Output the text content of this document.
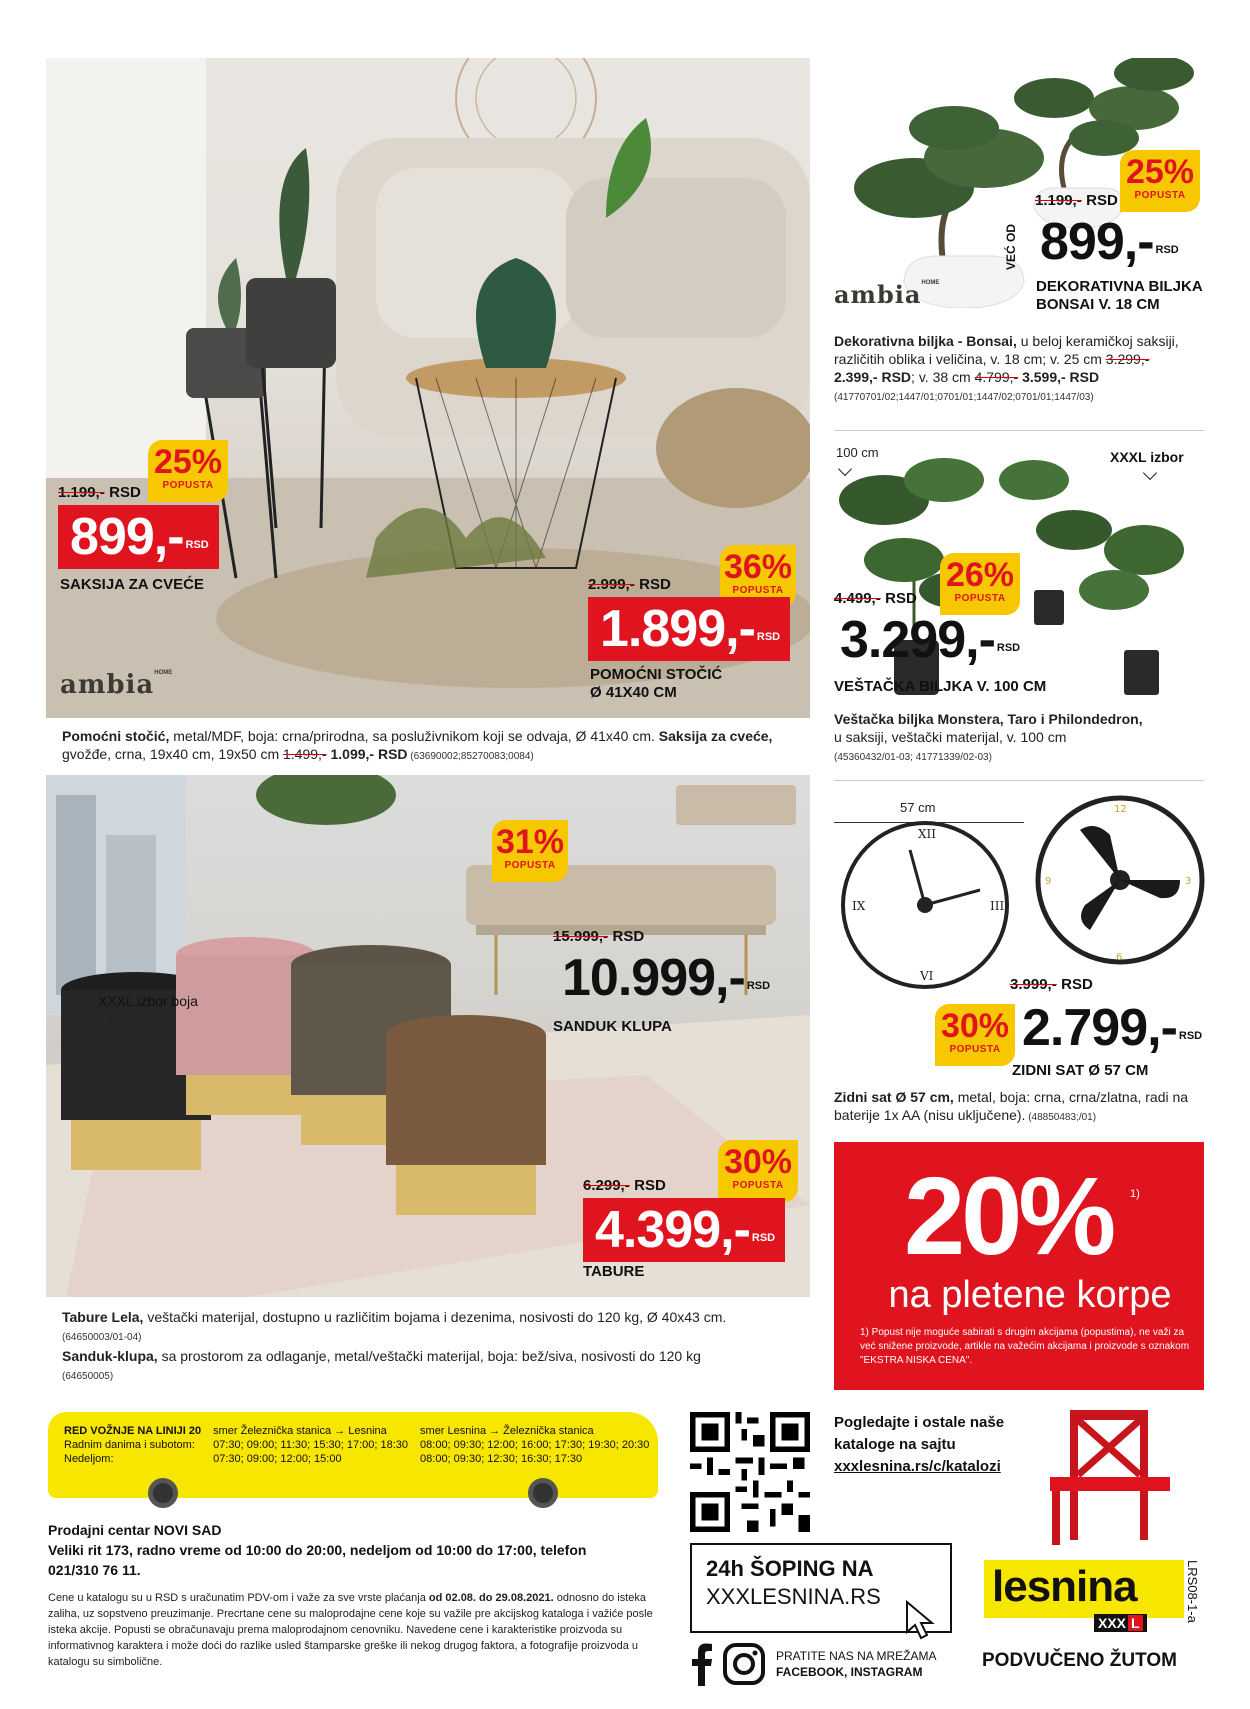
25%
POPUSTA
1.199,- RSD
899,- RSD
SAKSIJA ZA CVEĆE
ambia$^{HOME}$
36%
POPUSTA
2.999,- RSD
1.899,- RSD
POMOĆNI STOČIĆ
Ø 41X40 CM
Pomoćni stočić, metal/MDF, boja: crna/prirodna, sa posluživnikom koji se odvaja, Ø 41x40 cm. Saksija za cveće, gvožđe, crna, 19x40 cm, 19x50 cm 1.499,- 1.099,- RSD (63690002;85270083;0084)
ambia$^{HOME}$
25%
POPUSTA
1.199,- RSD
VEĆ OD 899,- RSD
DEKORATIVNA BILJKA
BONSAI V. 18 CM
Dekorativna biljka - Bonsai, u beloj keramičkoj saksiji, različitih oblika i veličina, v. 18 cm; v. 25 cm 3.299,-
2.399,- RSD; v. 38 cm 4.799,- 3.599,- RSD
(41770701/02;1447/01;0701/01;1447/02;0701/01;1447/03)
100 cm	XXXL izbor
26%
POPUSTA
4.499,- RSD
3.299,- RSD
VEŠTAČKA BILJKA V. 100 CM
Veštačka biljka Monstera, Taro i Philondedron,
u saksiji, veštački materijal, v. 100 cm
(45360432/01-03; 41771339/02-03)
XXXL izbor boja
31%
POPUSTA
15.999,- RSD
10.999,- RSD
SANDUK KLUPA
30%
POPUSTA
6.299,- RSD
4.399,- RSD
TABURE
Tabure Lela, veštački materijal, dostupno u različitim bojama i dezenima, nosivosti do 120 kg, Ø 40x43 cm.
(64650003/01-04)
Sanduk-klupa, sa prostorom za odlaganje, metal/veštački materijal, boja: bež/siva, nosivosti do 120 kg
(64650005)
57 cm
XII
III
VI
IX
12
3
6
9
3.999,- RSD
30%
POPUSTA 2.799,- RSD
ZIDNI SAT Ø 57 CM
Zidni sat Ø 57 cm, metal, boja: crna, crna/zlatna, radi na baterije 1x AA (nisu uključene). (48850483;/01)
20% 1)
na pletene korpe
1) Popust nije moguće sabirati s drugim akcijama (popustima), ne važi za već snižene proizvode, artikle na važećim akcijama i proizvode s oznakom "EKSTRA NISKA CENA".
RED VOŽNJE NA LINIJI 20	smer Železnička stanica → Lesnina	smer Lesnina → Železnička stanica
Radnim danima i subotom:	07:30; 09:00; 11:30; 15:30; 17:00; 18:30	08:00; 09:30; 12:00; 16:00; 17:30; 19:30; 20:30
Nedeljom:	07:30; 09:00; 12:00; 15:00	08:00; 09:30; 12:30; 16:30; 17:30
Prodajni centar NOVI SAD
Veliki rit 173, radno vreme od 10:00 do 20:00, nedeljom od 10:00 do 17:00, telefon
021/310 76 11.
Cene u katalogu su u RSD s uračunatim PDV-om i važe za sve vrste plaćanja od 02.08. do 29.08.2021. odnosno do isteka zaliha, uz sopstveno preuzimanje. Precrtane cene su maloprodajne cene koje su važile pre akcijskog kataloga i važiće posle isteka akcije. Popusti se obračunavaju prema maloprodajnom cenovniku. Navedene cene i karakteristike proizvoda su informativnog karaktera i može doći do razlike usled štamparske greške ili nekog drugog faktora, a fotografije proizvoda u katalogu su simbolične.
Pogledajte i ostale naše
kataloge na sajtu
xxxlesnina.rs/c/katalozi
24h ŠOPING NA
XXXLESNINA.RS
PRATITE NAS NA MREŽAMA
FACEBOOK, INSTAGRAM
lesnina
XXX L
PODVUČENO ŽUTOM
LRS08-1-a
